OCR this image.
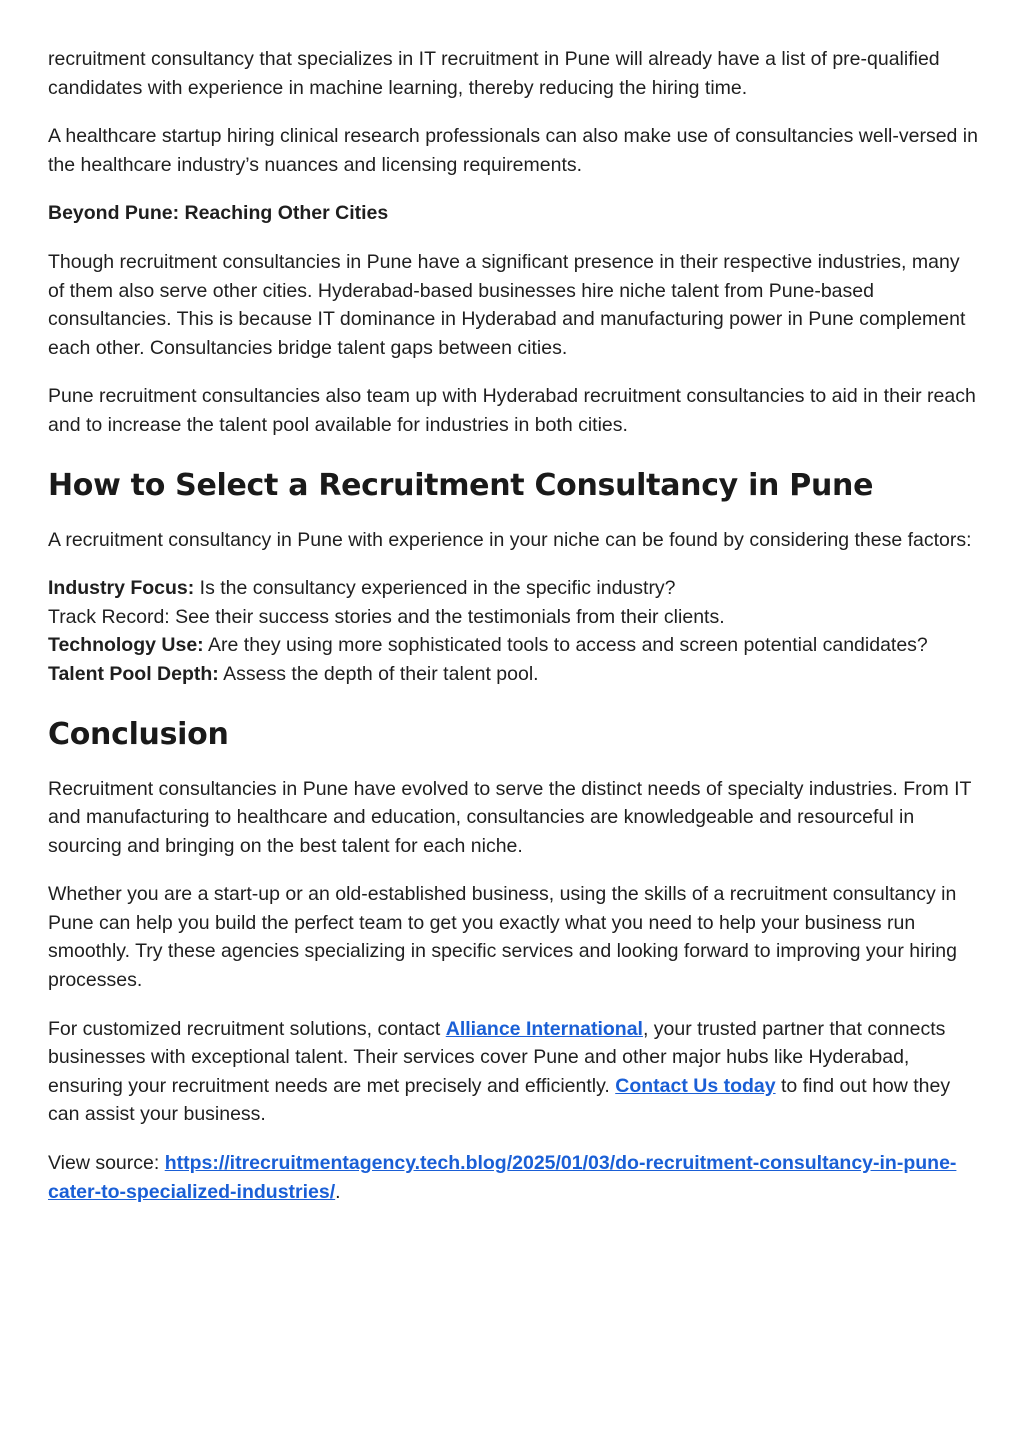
recruitment consultancy that specializes in IT recruitment in Pune will already have a list of pre-qualified candidates with experience in machine learning, thereby reducing the hiring time.

A healthcare startup hiring clinical research professionals can also make use of consultancies well-versed in the healthcare industry’s nuances and licensing requirements.

Beyond Pune: Reaching Other Cities

Though recruitment consultancies in Pune have a significant presence in their respective industries, many of them also serve other cities. Hyderabad-based businesses hire niche talent from Pune-based consultancies. This is because IT dominance in Hyderabad and manufacturing power in Pune complement each other. Consultancies bridge talent gaps between cities.

Pune recruitment consultancies also team up with Hyderabad recruitment consultancies to aid in their reach and to increase the talent pool available for industries in both cities.

How to Select a Recruitment Consultancy in Pune

A recruitment consultancy in Pune with experience in your niche can be found by considering these factors:

Industry Focus: Is the consultancy experienced in the specific industry?
Track Record: See their success stories and the testimonials from their clients.
Technology Use: Are they using more sophisticated tools to access and screen potential candidates?
Talent Pool Depth: Assess the depth of their talent pool.
Conclusion

Recruitment consultancies in Pune have evolved to serve the distinct needs of specialty industries. From IT and manufacturing to healthcare and education, consultancies are knowledgeable and resourceful in sourcing and bringing on the best talent for each niche.

Whether you are a start-up or an old-established business, using the skills of a recruitment consultancy in Pune can help you build the perfect team to get you exactly what you need to help your business run smoothly. Try these agencies specializing in specific services and looking forward to improving your hiring processes.

For customized recruitment solutions, contact Alliance International, your trusted partner that connects businesses with exceptional talent. Their services cover Pune and other major hubs like Hyderabad, ensuring your recruitment needs are met precisely and efficiently. Contact Us today to find out how they can assist your business.

View source: https://itrecruitmentagency.tech.blog/2025/01/03/do-recruitment-consultancy-in-pune-cater-to-specialized-industries/.
